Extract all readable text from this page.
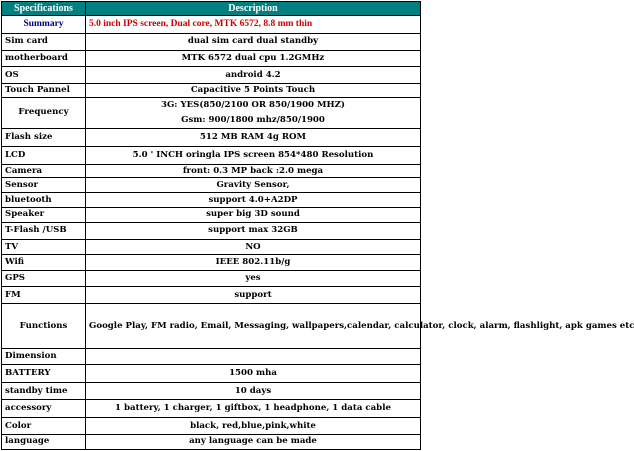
Specifications	Description
Summary	5.0 inch IPS screen, Dual core, MTK 6572, 8.8 mm thin
Sim card	dual sim card dual standby
motherboard	MTK 6572 dual cpu 1.2GMHz
OS	android 4.2
Touch Pannel	Capacitive 5 Points Touch
Frequency	3G: YES(850/2100 OR 850/1900 MHZ)
Gsm: 900/1800 mhz/850/1900

Flash size	512 MB RAM 4g ROM
LCD	5.0 ' INCH oringla IPS screen 854*480 Resolution
Camera	front: 0.3 MP back :2.0 mega
Sensor	Gravity Sensor,
bluetooth	support 4.0+A2DP
Speaker	super big 3D sound
T-Flash /USB	support max 32GB
TV	NO
Wifi	IEEE 802.11b/g
GPS	yes
FM	support
Functions	Google Play, FM radio, Email, Messaging, wallpapers,calendar, calculator, clock, alarm, flashlight, apk games etc
Dimension	
BATTERY	1500 mha
standby time	10 days
accessory	1 battery, 1 charger, 1 giftbox, 1 headphone, 1 data cable
Color	black, red,blue,pink,white
language	any language can be made
